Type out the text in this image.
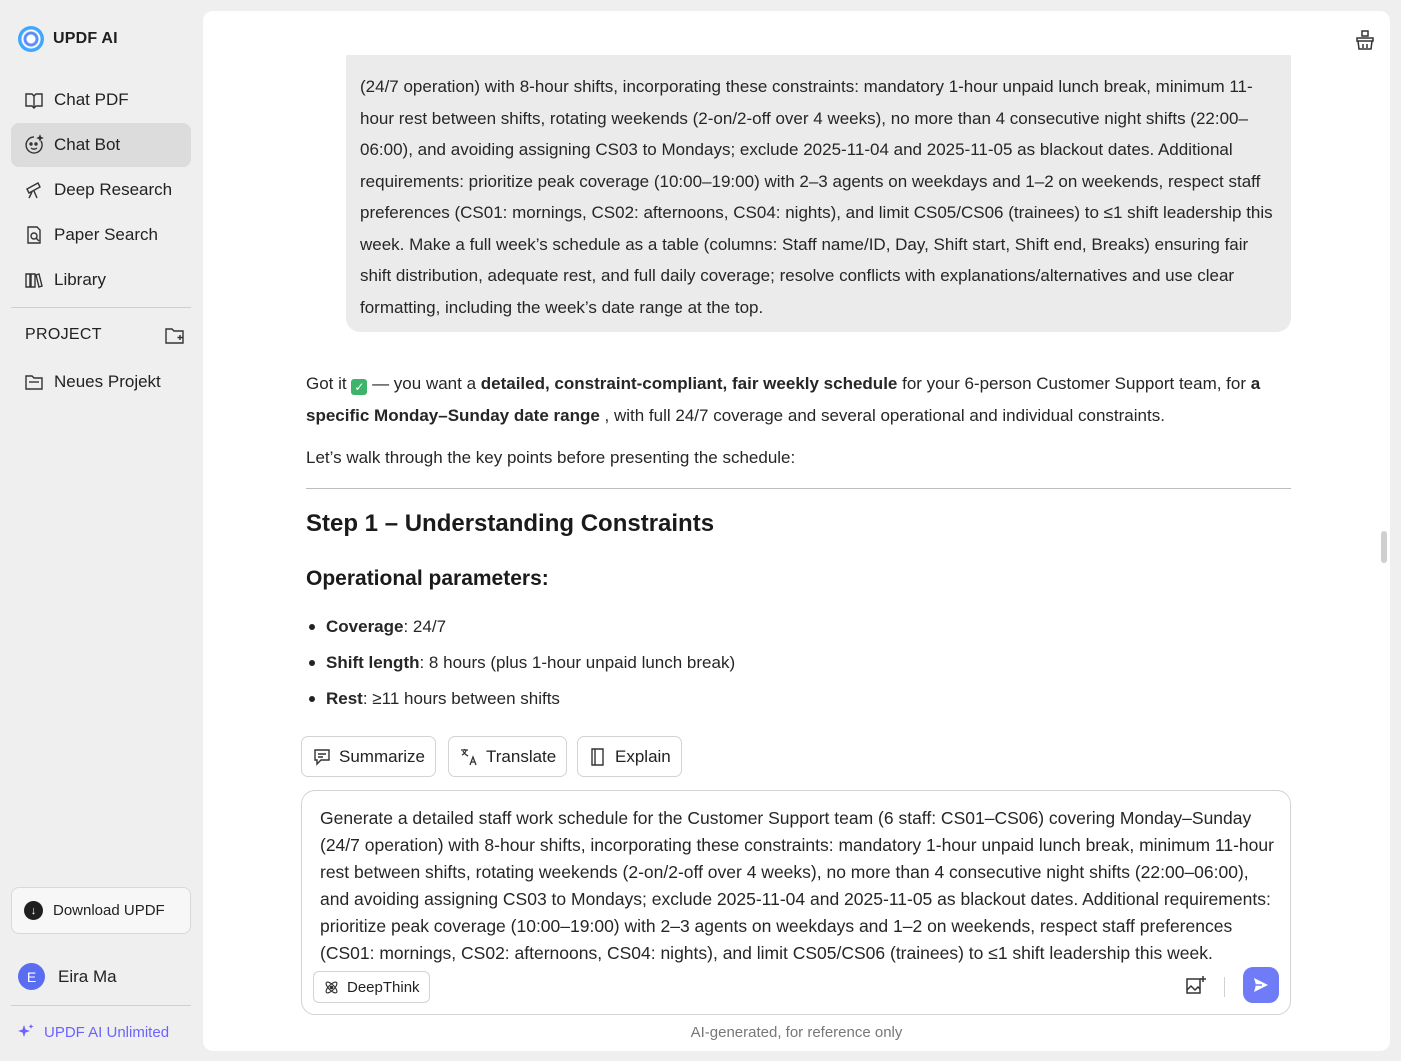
UPDF AI
Chat PDF
Chat Bot
Deep Research
Paper Search
Library
PROJECT
Neues Projekt
↓	Download UPDF
E	Eira Ma
UPDF AI Unlimited
(24/7 operation) with 8-hour shifts, incorporating these constraints: mandatory 1-hour unpaid lunch break, minimum 11-hour rest between shifts, rotating weekends (2-on/2-off over 4 weeks), no more than 4 consecutive night shifts (22:00–06:00), and avoiding assigning CS03 to Mondays; exclude 2025-11-04 and 2025-11-05 as blackout dates. Additional requirements: prioritize peak coverage (10:00–19:00) with 2–3 agents on weekdays and 1–2 on weekends, respect staff preferences (CS01: mornings, CS02: afternoons, CS04: nights), and limit CS05/CS06 (trainees) to ≤1 shift leadership this week. Make a full week’s schedule as a table (columns: Staff name/ID, Day, Shift start, Shift end, Breaks) ensuring fair shift distribution, adequate rest, and full daily coverage; resolve conflicts with explanations/alternatives and use clear formatting, including the week’s date range at the top.

Got it ✓ — you want a detailed, constraint-compliant, fair weekly schedule for your 6-person Customer Support team, for a specific Monday–Sunday date range , with full 24/7 coverage and several operational and individual constraints.

Let’s walk through the key points before presenting the schedule:

Step 1 – Understanding Constraints
Operational parameters:
Coverage : 24/7
Shift length : 8 hours (plus 1-hour unpaid lunch break)
Rest : ≥11 hours between shifts
Summarize	Translate	Explain
Generate a detailed staff work schedule for the Customer Support team (6 staff: CS01–CS06) covering Monday–Sunday (24/7 operation) with 8-hour shifts, incorporating these constraints: mandatory 1-hour unpaid lunch break, minimum 11-hour rest between shifts, rotating weekends (2-on/2-off over 4 weeks), no more than 4 consecutive night shifts (22:00–06:00), and avoiding assigning CS03 to Mondays; exclude 2025-11-04 and 2025-11-05 as blackout dates. Additional requirements: prioritize peak coverage (10:00–19:00) with 2–3 agents on weekdays and 1–2 on weekends, respect staff preferences (CS01: mornings, CS02: afternoons, CS04: nights), and limit CS05/CS06 (trainees) to ≤1 shift leadership this week.
DeepThink
AI-generated, for reference only
